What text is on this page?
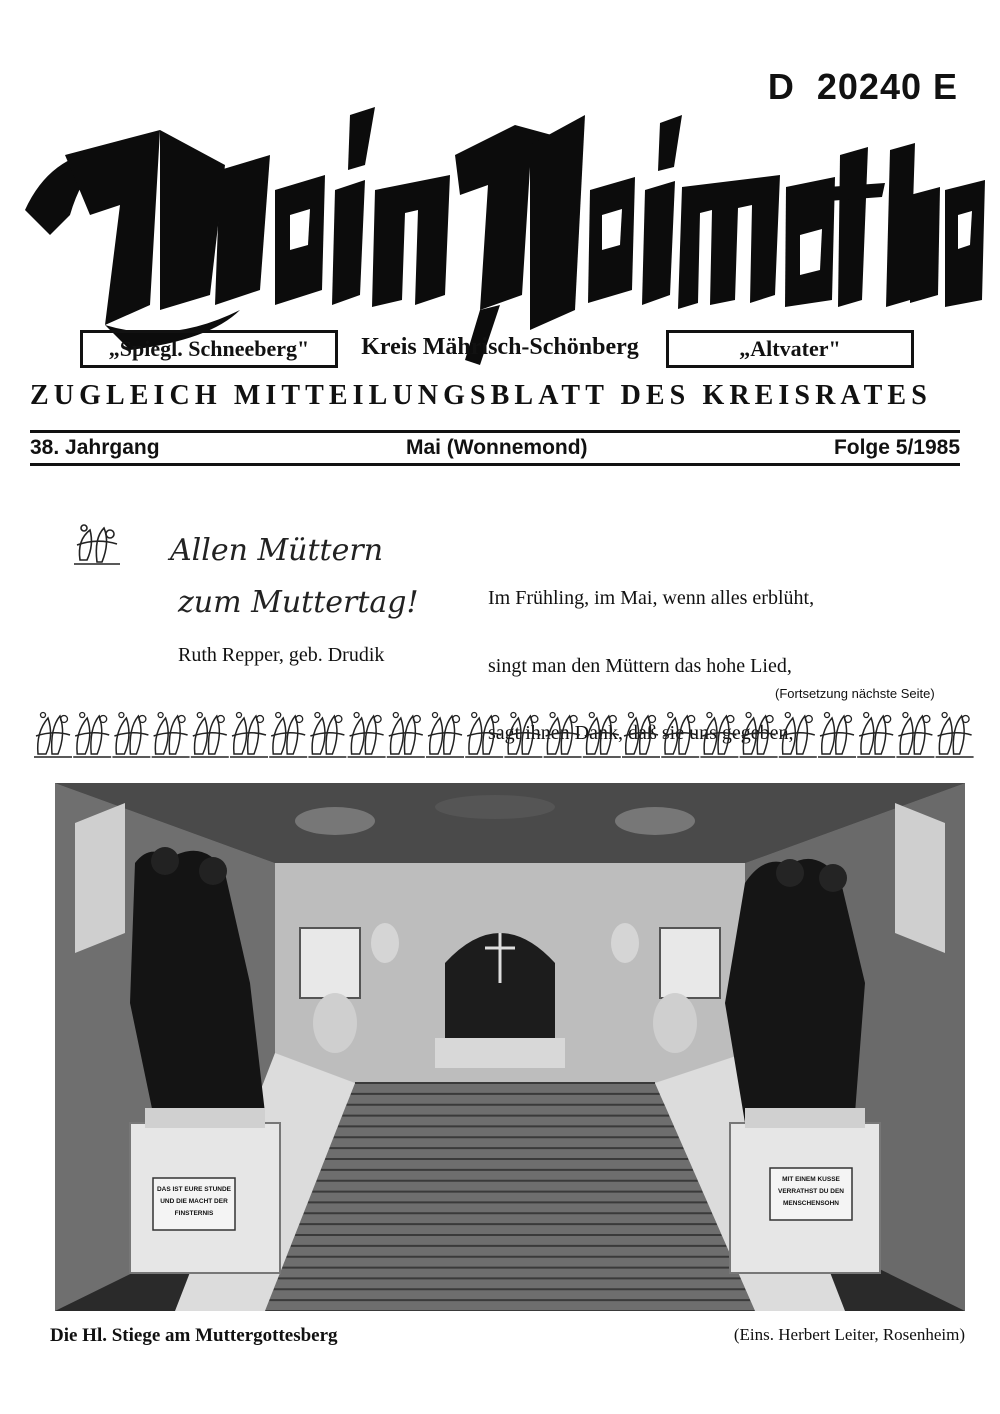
D  20240 E
„Spiegl. Schneeberg"	Kreis Mährisch-Schönberg	„Altvater"
ZUGLEICH MITTEILUNGSBLATT DES KREISRATES
38. Jahrgang	Mai (Wonnemond)	Folge 5/1985
Allen Müttern
zum Muttertag!
Ruth Repper, geb. Drudik

Im Frühling, im Mai, wenn alles erblüht,

singt man den Müttern das hohe Lied,

sagt ihnen    uns

(Fortsetzung nächste Seite)
DAS IST EURE STUNDE
UND DIE MACHT DER
FINSTERNIS
MIT EINEM KUSSE
VERRATHST DU DEN
MENSCHENSOHN
Die Hl. Stiege am Muttergottesberg	(Eins. Herbert Leiter, Rosenheim)
